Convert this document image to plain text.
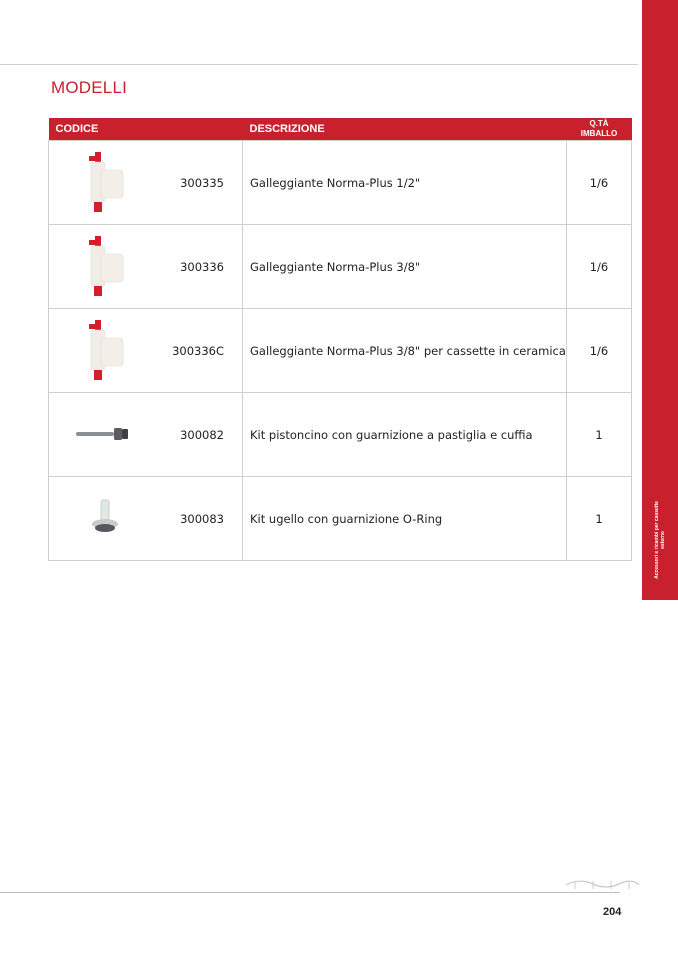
Accessori e ricambi per cassette esterne
MODELLI
CODICE		DESCRIZIONE	Q.TÀ
IMBALLO

	300335	Galleggiante Norma-Plus 1/2"	1/6

	300336	Galleggiante Norma-Plus 3/8"	1/6

	300336C	Galleggiante Norma-Plus 3/8" per cassette in ceramica	1/6

	300082	Kit pistoncino con guarnizione a pastiglia e cuffia	1

	300083	Kit ugello con guarnizione O-Ring	1
204
